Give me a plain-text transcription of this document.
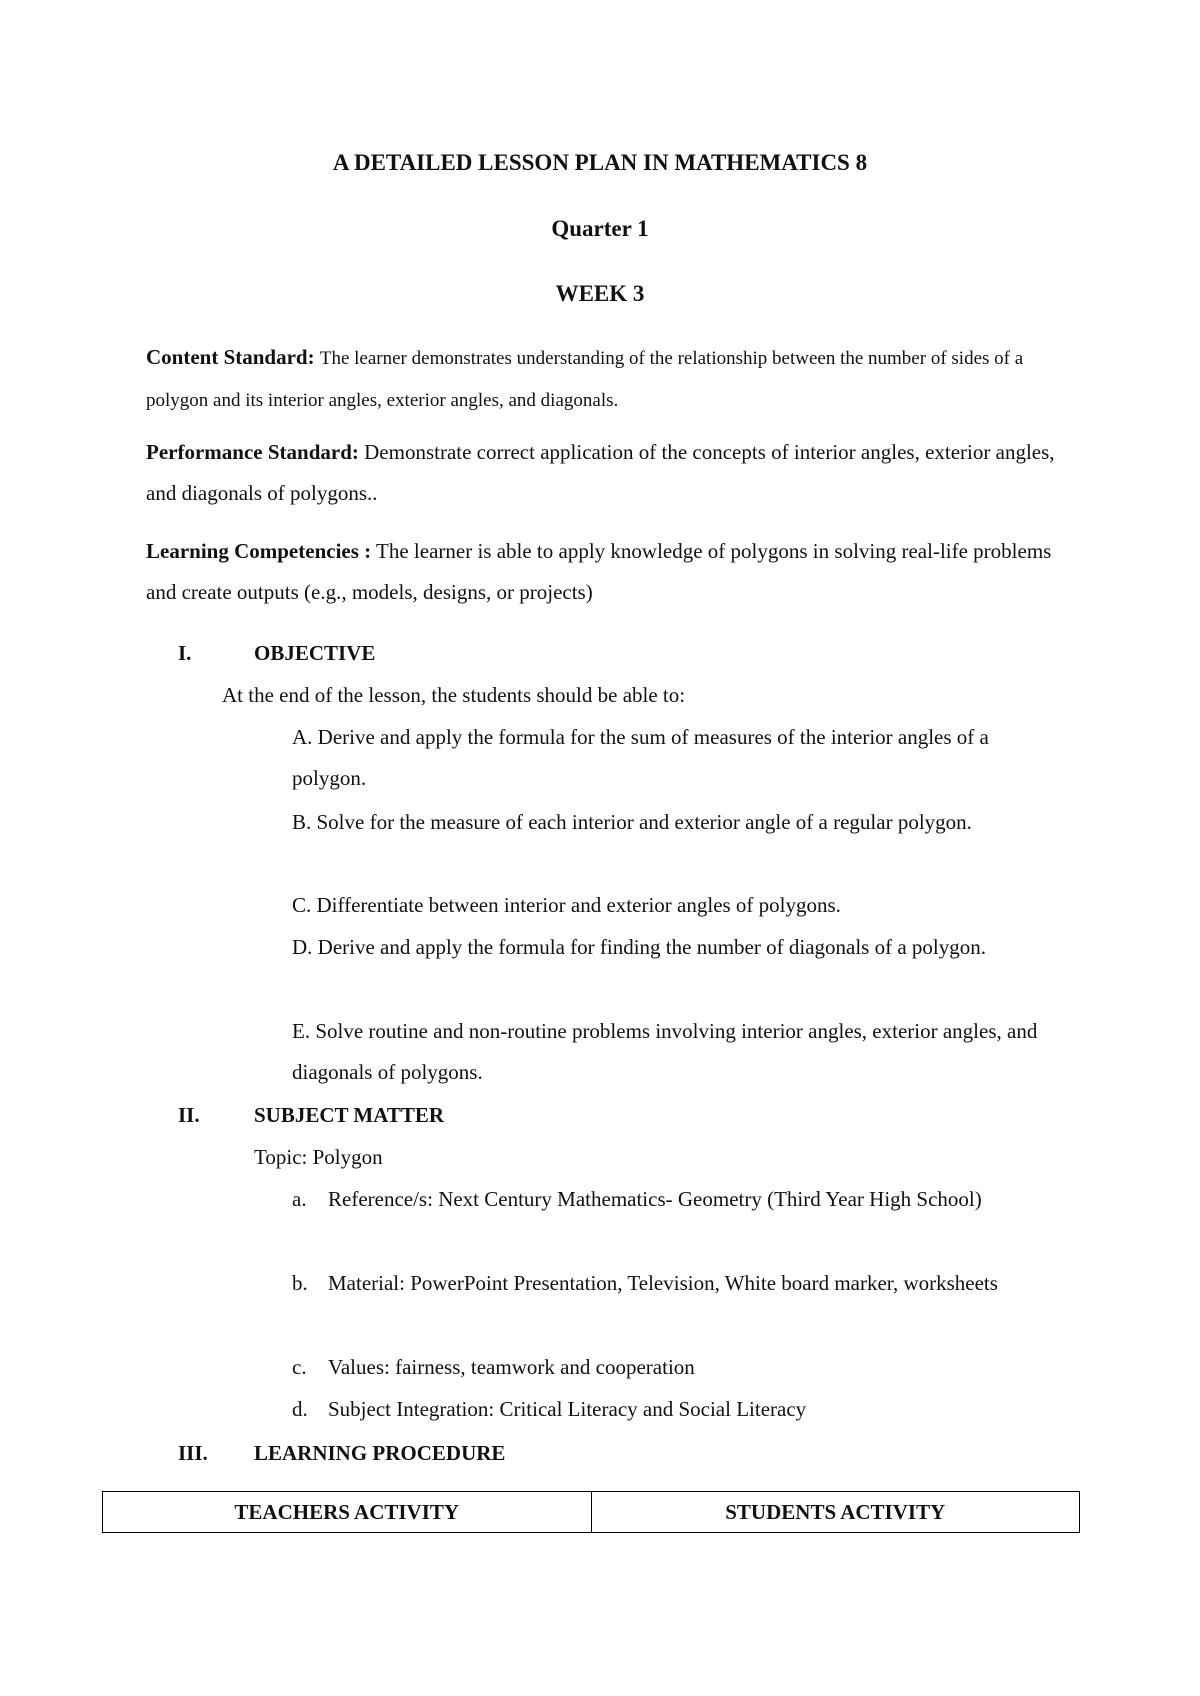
A DETAILED LESSON PLAN IN MATHEMATICS 8
Quarter 1
WEEK 3
Content Standard: The learner demonstrates understanding of the relationship between the number of sides of a polygon and its interior angles, exterior angles, and diagonals.
Performance Standard: Demonstrate correct application of the concepts of interior angles, exterior angles, and diagonals of polygons..
Learning Competencies : The learner is able to apply knowledge of polygons in solving real-life problems and create outputs (e.g., models, designs, or projects)
I.	OBJECTIVE
At the end of the lesson, the students should be able to:
A. Derive and apply the formula for the sum of measures of the interior angles of a polygon.
B. Solve for the measure of each interior and exterior angle of a regular polygon.
C. Differentiate between interior and exterior angles of polygons.
D. Derive and apply the formula for finding the number of diagonals of a polygon.
E. Solve routine and non-routine problems involving interior angles, exterior angles, and diagonals of polygons.
II.	SUBJECT MATTER
Topic: Polygon
a. Reference/s: Next Century Mathematics- Geometry (Third Year High School)
b. Material: PowerPoint Presentation, Television, White board marker, worksheets
c. Values: fairness, teamwork and cooperation
d. Subject Integration: Critical Literacy and Social Literacy
III. LEARNING PROCEDURE
TEACHERS ACTIVITY	STUDENTS ACTIVITY
